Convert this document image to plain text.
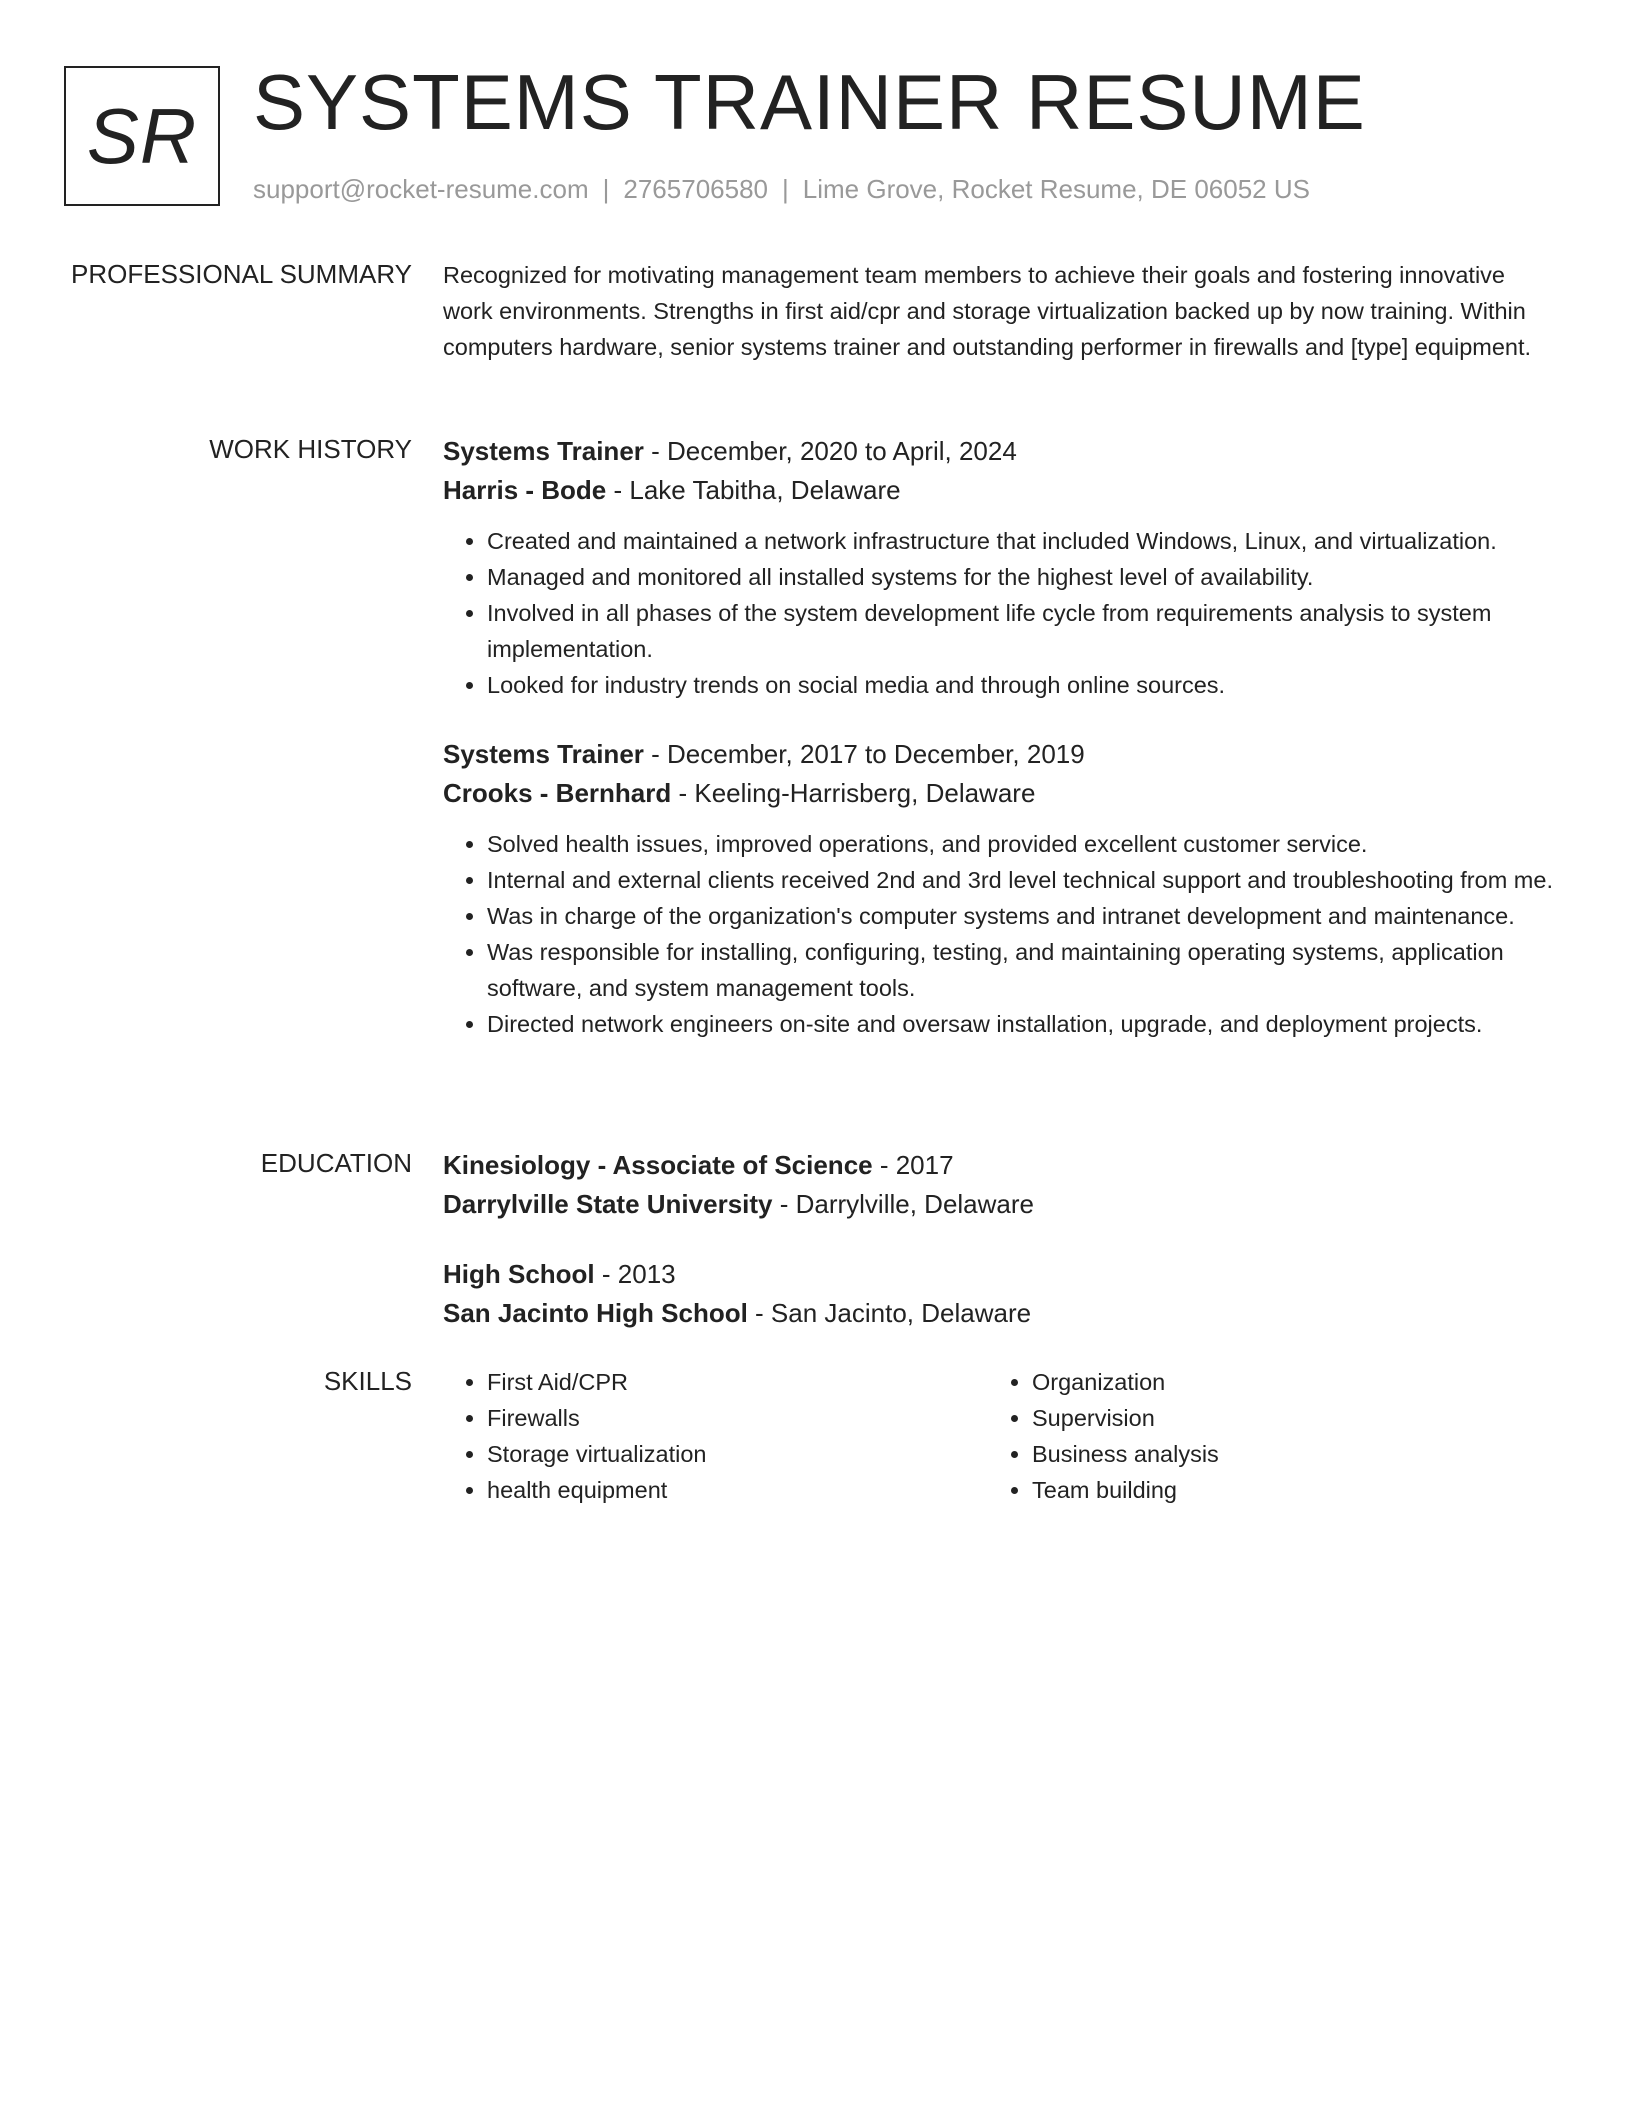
SR SYSTEMS TRAINER RESUME
support@rocket-resume.com | 2765706580 | Lime Grove, Rocket Resume, DE 06052 US
PROFESSIONAL SUMMARY Recognized for motivating management team members to achieve their goals and fostering innovative work environments. Strengths in first aid/cpr and storage virtualization backed up by now training. Within computers hardware, senior systems trainer and outstanding performer in firewalls and [type] equipment.

WORK HISTORY Systems Trainer - December, 2020 to April, 2024

Harris - Bode - Lake Tabitha, Delaware

• Created and maintained a network infrastructure that included Windows, Linux, and virtualization.
• Managed and monitored all installed systems for the highest level of availability.
• Involved in all phases of the system development life cycle from requirements analysis to system implementation.
• Looked for industry trends on social media and through online sources.

Systems Trainer - December, 2017 to December, 2019

Crooks - Bernhard - Keeling-Harrisberg, Delaware

• Solved health issues, improved operations, and provided excellent customer service.
• Internal and external clients received 2nd and 3rd level technical support and troubleshooting from me.
• Was in charge of the organization's computer systems and intranet development and maintenance.
• Was responsible for installing, configuring, testing, and maintaining operating systems, application software, and system management tools.
• Directed network engineers on-site and oversaw installation, upgrade, and deployment projects.
EDUCATION Kinesiology - Associate of Science - 2017

Darrylville State University - Darrylville, Delaware

High School - 2013

San Jacinto High School - San Jacinto, Delaware

SKILLS
•	First Aid/CPR
• Firewalls
• Storage virtualization
• health equipment
• Organization
• Supervision
• Business analysis
• Team building
